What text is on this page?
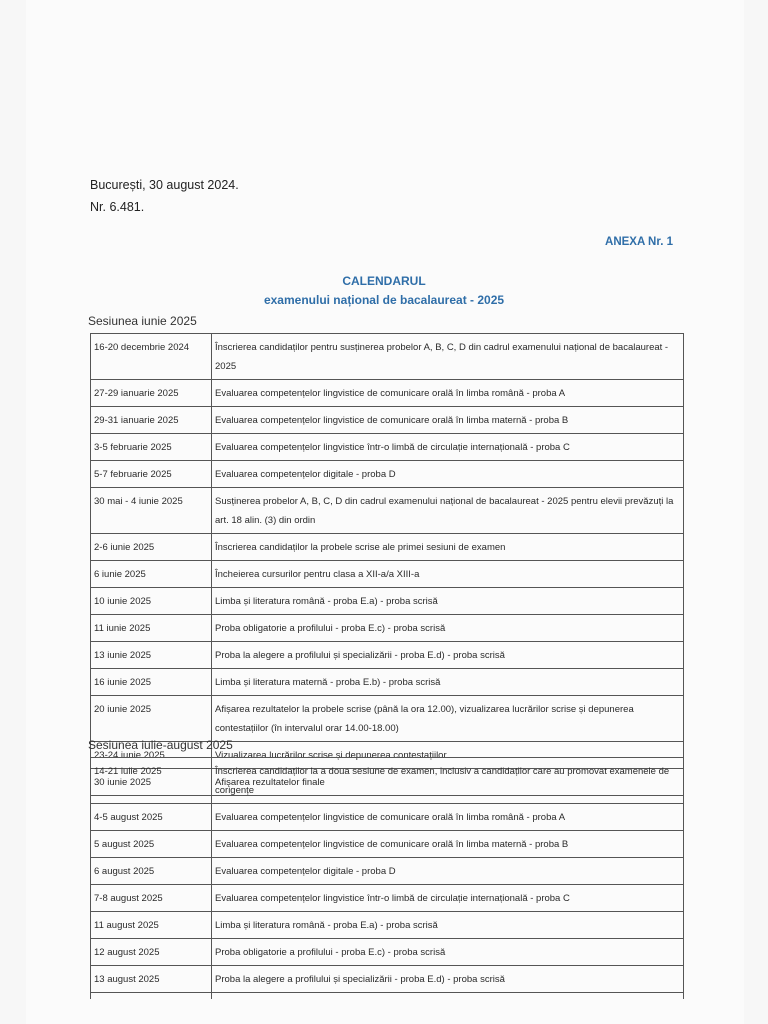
București, 30 august 2024.
Nr. 6.481.
ANEXA Nr. 1
CALENDARUL
examenului național de bacalaureat - 2025
Sesiunea iunie 2025
16-20 decembrie 2024	Înscrierea candidaților pentru susținerea probelor A, B, C, D din cadrul examenului național de bacalaureat - 2025
27-29 ianuarie 2025	Evaluarea competențelor lingvistice de comunicare orală în limba română - proba A
29-31 ianuarie 2025	Evaluarea competențelor lingvistice de comunicare orală în limba maternă - proba B
3-5 februarie 2025	Evaluarea competențelor lingvistice într-o limbă de circulație internațională - proba C
5-7 februarie 2025	Evaluarea competențelor digitale - proba D
30 mai - 4 iunie 2025	Susținerea probelor A, B, C, D din cadrul examenului național de bacalaureat - 2025 pentru elevii prevăzuți la art. 18 alin. (3) din ordin
2-6 iunie 2025	Înscrierea candidaților la probele scrise ale primei sesiuni de examen
6 iunie 2025	Încheierea cursurilor pentru clasa a XII-a/a XIII-a
10 iunie 2025	Limba și literatura română - proba E.a) - proba scrisă
11 iunie 2025	Proba obligatorie a profilului - proba E.c) - proba scrisă
13 iunie 2025	Proba la alegere a profilului și specializării - proba E.d) - proba scrisă
16 iunie 2025	Limba și literatura maternă - proba E.b) - proba scrisă
20 iunie 2025	Afișarea rezultatelor la probele scrise (până la ora 12.00), vizualizarea lucrărilor scrise și depunerea contestațiilor (în intervalul orar 14.00-18.00)
23-24 iunie 2025	Vizualizarea lucrărilor scrise și depunerea contestațiilor
30 iunie 2025	Afișarea rezultatelor finale
Sesiunea iulie-august 2025
14-21 iulie 2025	Înscrierea candidaților la a doua sesiune de examen, inclusiv a candidaților care au promovat examenele de corigențe
4-5 august 2025	Evaluarea competențelor lingvistice de comunicare orală în limba română - proba A
5 august 2025	Evaluarea competențelor lingvistice de comunicare orală în limba maternă - proba B
6 august 2025	Evaluarea competențelor digitale - proba D
7-8 august 2025	Evaluarea competențelor lingvistice într-o limbă de circulație internațională - proba C
11 august 2025	Limba și literatura română - proba E.a) - proba scrisă
12 august 2025	Proba obligatorie a profilului - proba E.c) - proba scrisă
13 august 2025	Proba la alegere a profilului și specializării - proba E.d) - proba scrisă
